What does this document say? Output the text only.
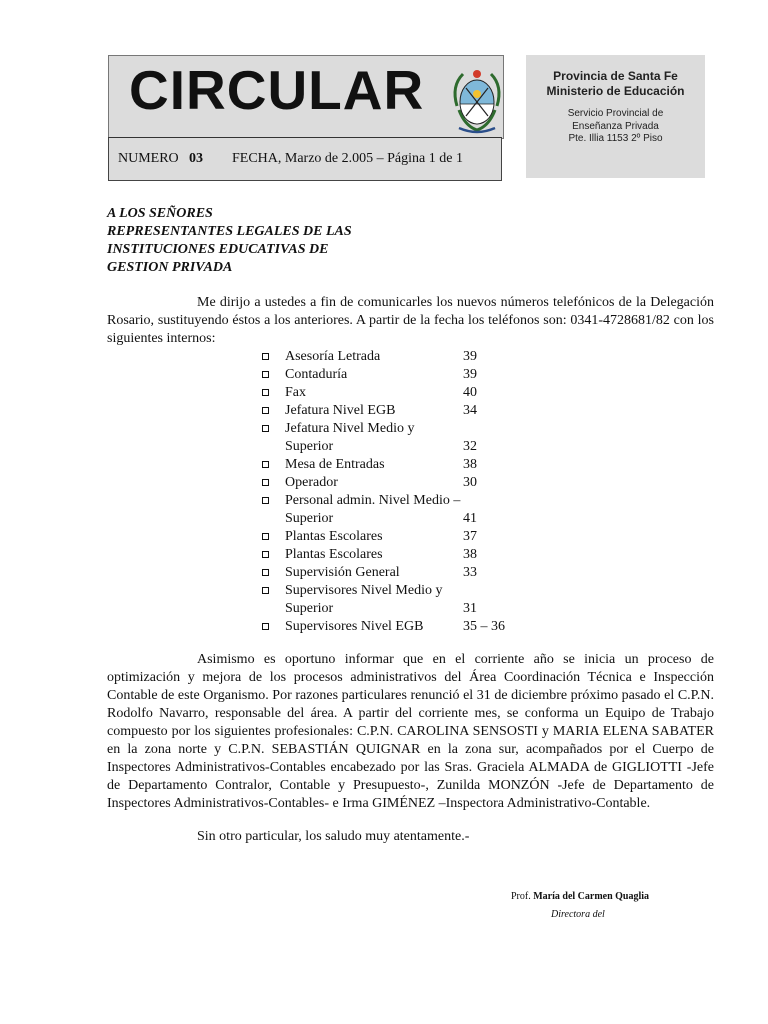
CIRCULAR
NUMERO 03 FECHA, Marzo de 2.005 – Página 1 de 1
Provincia de Santa Fe
Ministerio de Educación
Servicio Provincial de
Enseñanza Privada
Pte. Illia 1153 2º Piso
A LOS SEÑORES
REPRESENTANTES LEGALES DE LAS
INSTITUCIONES EDUCATIVAS DE
GESTION PRIVADA

Me dirijo a ustedes a fin de comunicarles los nuevos números telefónicos de la Delegación Rosario, sustituyendo éstos a los anteriores. A partir de la fecha los teléfonos son: 0341-4728681/82 con los siguientes internos:

Asesoría Letrada	39
Contaduría	39
Fax	40
Jefatura Nivel EGB	34
Jefatura Nivel Medio y Superior	32
Mesa de Entradas	38
Operador	30
Personal admin. Nivel Medio – Superior	41
Plantas Escolares	37
Plantas Escolares	38
Supervisión General	33
Supervisores Nivel Medio y Superior	31
Supervisores Nivel EGB	35 – 36

Asimismo es oportuno informar que en el corriente año se inicia un proceso de optimización y mejora de los procesos administrativos del Área Coordinación Técnica e Inspección Contable de este Organismo. Por razones particulares renunció el 31 de diciembre próximo pasado el C.P.N. Rodolfo Navarro, responsable del área. A partir del corriente mes, se conforma un Equipo de Trabajo compuesto por los siguientes profesionales: C.P.N. CAROLINA SENSOSTI y MARIA ELENA SABATER en la zona norte y C.P.N. SEBASTIÁN QUIGNAR en la zona sur, acompañados por el Cuerpo de Inspectores Administrativos-Contables encabezado por las Sras. Graciela ALMADA de GIGLIOTTI -Jefe de Departamento Contralor, Contable y Presupuesto-, Zunilda MONZÓN -Jefe de Departamento de Inspectores Administrativos-Contables- e Irma GIMÉNEZ –Inspectora Administrativo-Contable.

Sin otro particular, los saludo muy atentamente.-
Prof. María del Carmen Quaglia
Directora del
